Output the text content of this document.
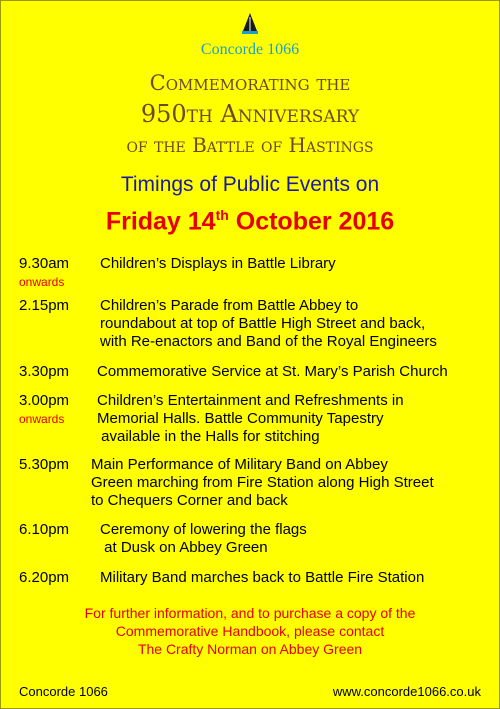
Concorde 1066
Commemorating the
950th Anniversary
of the Battle of Hastings
Timings of Public Events on
Friday 14th October 2016
9.30am Children’s Displays in Battle Library
onwards
2.15pm Children’s Parade from Battle Abbey to
roundabout at top of Battle High Street and back,
with Re-enactors and Band of the Royal Engineers
3.30pm Commemorative Service at St. Mary’s Parish Church
3.00pm Children’s Entertainment and Refreshments in
Memorial Halls. Battle Community Tapestry
available in the Halls for stitching
onwards
5.30pm Main Performance of Military Band on Abbey
Green marching from Fire Station along High Street
to Chequers Corner and back
6.10pm Ceremony of lowering the flags
at Dusk on Abbey Green
6.20pm Military Band marches back to Battle Fire Station
For further information, and to purchase a copy of the
Commemorative Handbook, please contact
The Crafty Norman on Abbey Green
Concorde 1066	www.concorde1066.co.uk
